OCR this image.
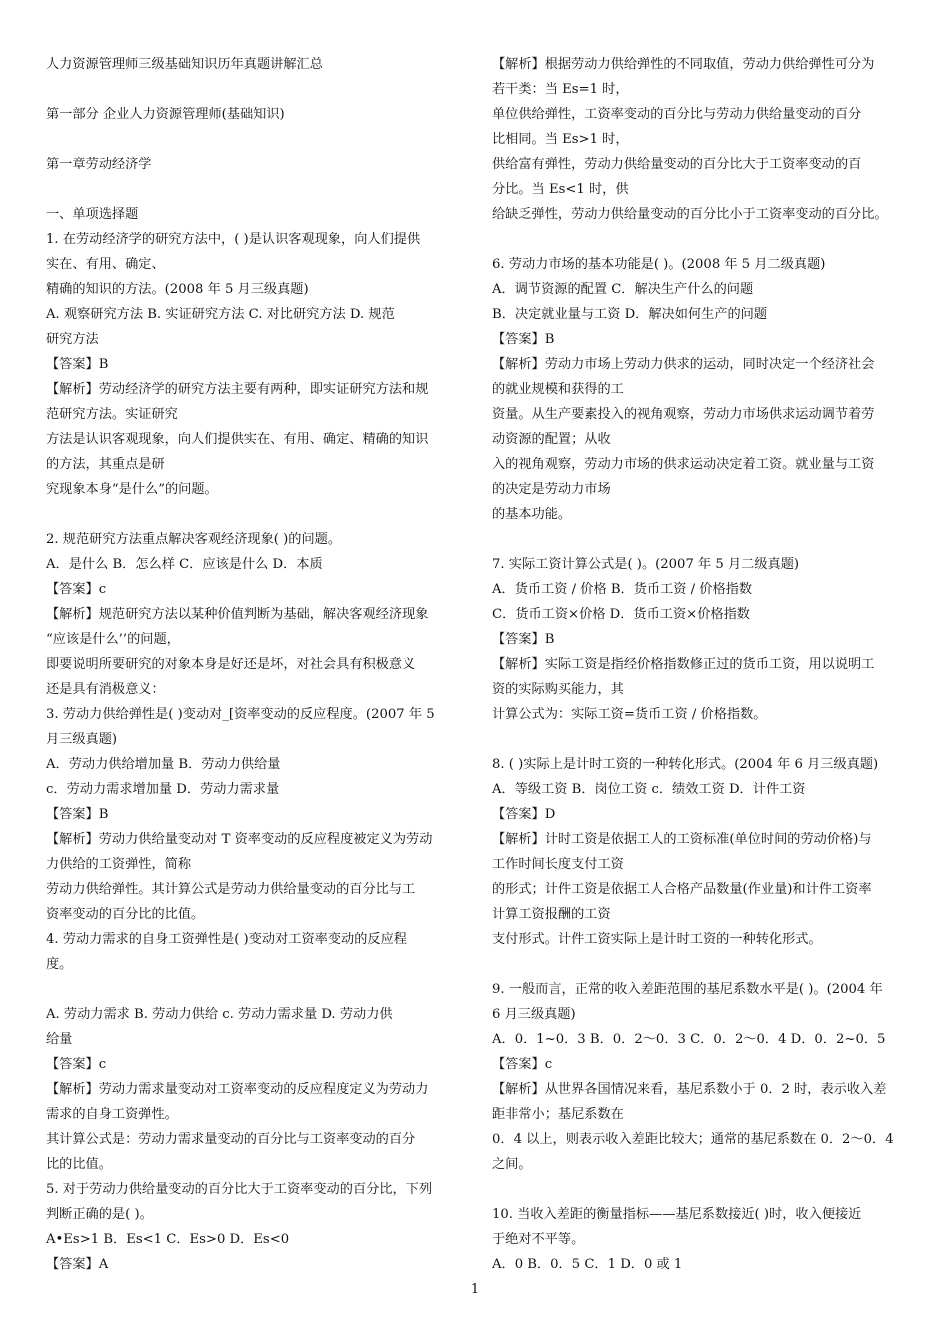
人力资源管理师三级基础知识历年真题讲解汇总
第一部分 企业人力资源管理师(基础知识)
第一章劳动经济学
一、单项选择题
1. 在劳动经济学的研究方法中，( )是认识客观现象，向人们提供
实在、有用、确定、
精确的知识的方法。(2008 年 5 月三级真题)
A. 观察研究方法 B. 实证研究方法 C. 对比研究方法 D. 规范
研究方法
【答案】B
【解析】劳动经济学的研究方法主要有两种，即实证研究方法和规
范研究方法。实证研究
方法是认识客观现象，向人们提供实在、有用、确定、精确的知识
的方法，其重点是研
究现象本身“是什么”的问题。
2. 规范研究方法重点解决客观经济现象( )的问题。
A．是什么 B．怎么样 C．应该是什么 D．本质
【答案】c
【解析】规范研究方法以某种价值判断为基础，解决客观经济现象
“应该是什么’’的问题，
即要说明所要研究的对象本身是好还是坏，对社会具有积极意义
还是具有消极意义：
3. 劳动力供给弹性是( )变动对_[资率变动的反应程度。(2007 年 5
月三级真题)
A．劳动力供给增加量 B．劳动力供给量
c．劳动力需求增加量 D．劳动力需求量
【答案】B
【解析】劳动力供给量变动对 T 资率变动的反应程度被定义为劳动
力供给的工资弹性，简称
劳动力供给弹性。其计算公式是劳动力供给量变动的百分比与工
资率变动的百分比的比值。
4. 劳动力需求的自身工资弹性是( )变动对工资率变动的反应程
度。
A. 劳动力需求 B. 劳动力供给 c. 劳动力需求量 D. 劳动力供
给量
【答案】c
【解析】劳动力需求量变动对工资率变动的反应程度定义为劳动力
需求的自身工资弹性。
其计算公式是：劳动力需求量变动的百分比与工资率变动的百分
比的比值。
5. 对于劳动力供给量变动的百分比大于工资率变动的百分比，下列
判断正确的是( )。
A•Es>1 B．Es<1 C．Es>0 D．Es<0
【答案】A
【解析】根据劳动力供给弹性的不同取值，劳动力供给弹性可分为
若干类：当 Es=1 时，
单位供给弹性，工资率变动的百分比与劳动力供给量变动的百分
比相同。当 Es>1 时，
供给富有弹性，劳动力供给量变动的百分比大于工资率变动的百
分比。当 Es<1 时，供
给缺乏弹性，劳动力供给量变动的百分比小于工资率变动的百分比。
6. 劳动力市场的基本功能是( )。(2008 年 5 月二级真题)
A．调节资源的配置 C．解决生产什么的问题
B．决定就业量与工资 D．解决如何生产的问题
【答案】B
【解析】劳动力市场上劳动力供求的运动，同时决定一个经济社会
的就业规模和获得的工
资量。从生产要素投入的视角观察，劳动力市场供求运动调节着劳
动资源的配置；从收
入的视角观察，劳动力市场的供求运动决定着工资。就业量与工资
的决定是劳动力市场
的基本功能。
7. 实际工资计算公式是( )。(2007 年 5 月二级真题)
A．货币工资 / 价格 B．货币工资 / 价格指数
C．货币工资×价格 D．货币工资×价格指数
【答案】B
【解析】实际工资是指经价格指数修正过的货币工资，用以说明工
资的实际购买能力，其
计算公式为：实际工资=货币工资 / 价格指数。
8. ( )实际上是计时工资的一种转化形式。(2004 年 6 月三级真题)
A．等级工资 B．岗位工资 c．绩效工资 D．计件工资
【答案】D
【解析】计时工资是依据工人的工资标准(单位时间的劳动价格)与
工作时间长度支付工资
的形式；计件工资是依据工人合格产品数量(作业量)和计件工资率
计算工资报酬的工资
支付形式。计件工资实际上是计时工资的一种转化形式。
9. 一般而言，正常的收入差距范围的基尼系数水平是( )。(2004 年
6 月三级真题)
A．0．1~0．3 B．0．2～0．3 C．0．2～0．4 D．0．2~0．5
【答案】c
【解析】从世界各国情况来看，基尼系数小于 0．2 时，表示收入差
距非常小；基尼系数在
0．4 以上，则表示收入差距比较大；通常的基尼系数在 0．2～0．4
之间。
10. 当收入差距的衡量指标——基尼系数接近( )时，收入便接近
于绝对不平等。
A．0 B．0．5 C．1 D．0 或 1
1
